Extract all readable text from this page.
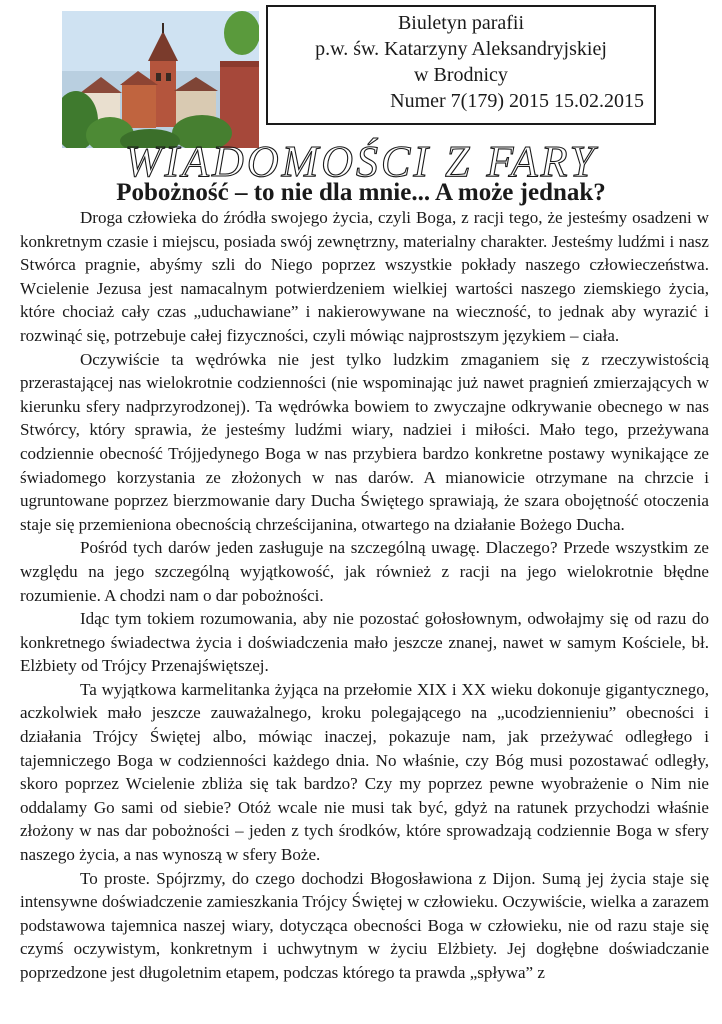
Biuletyn parafii
p.w. św. Katarzyny Aleksandryjskiej
w Brodnicy
Numer 7(179) 2015 15.02.2015
WIADOMOŚCI Z FARY
Pobożność – to nie dla mnie... A może jednak?

Droga człowieka do źródła swojego życia, czyli Boga, z racji tego, że jesteśmy osadzeni w konkretnym czasie i miejscu, posiada swój zewnętrzny, materialny charakter. Jesteśmy ludźmi i nasz Stwórca pragnie, abyśmy szli do Niego poprzez wszystkie pokłady naszego człowieczeństwa. Wcielenie Jezusa jest namacalnym potwierdzeniem wielkiej wartości naszego ziemskiego życia, które chociaż cały czas „uduchawiane” i nakierowywane na wieczność, to jednak aby wyrazić i rozwinąć się, potrzebuje całej fizyczności, czyli mówiąc najprostszym językiem – ciała.

Oczywiście ta wędrówka nie jest tylko ludzkim zmaganiem się z rzeczywistością przerastającej nas wielokrotnie codzienności (nie wspominając już nawet pragnień zmierzających w kierunku sfery nadprzyrodzonej). Ta wędrówka bowiem to zwyczajne odkrywanie obecnego w nas Stwórcy, który sprawia, że jesteśmy ludźmi wiary, nadziei i miłości. Mało tego, przeżywana codziennie obecność Trójjedynego Boga w nas przybiera bardzo konkretne postawy wynikające ze świadomego korzystania ze złożonych w nas darów. A mianowicie otrzymane na chrzcie i ugruntowane poprzez bierzmowanie dary Ducha Świętego sprawiają, że szara obojętność otoczenia staje się przemieniona obecnością chrześcijanina, otwartego na działanie Bożego Ducha.

Pośród tych darów jeden zasługuje na szczególną uwagę. Dlaczego? Przede wszystkim ze względu na jego szczególną wyjątkowość, jak również z racji na jego wielokrotnie błędne rozumienie. A chodzi nam o dar pobożności.

Idąc tym tokiem rozumowania, aby nie pozostać gołosłownym, odwołajmy się od razu do konkretnego świadectwa życia i doświadczenia mało jeszcze znanej, nawet w samym Kościele, bł. Elżbiety od Trójcy Przenajświętszej.

Ta wyjątkowa karmelitanka żyjąca na przełomie XIX i XX wieku dokonuje gigantycznego, aczkolwiek mało jeszcze zauważalnego, kroku polegającego na „ucodziennieniu” obecności i działania Trójcy Świętej albo, mówiąc inaczej, pokazuje nam, jak przeżywać odległego i tajemniczego Boga w codzienności każdego dnia. No właśnie, czy Bóg musi pozostawać odległy, skoro poprzez Wcielenie zbliża się tak bardzo? Czy my poprzez pewne wyobrażenie o Nim nie oddalamy Go sami od siebie? Otóż wcale nie musi tak być, gdyż na ratunek przychodzi właśnie złożony w nas dar pobożności – jeden z tych środków, które sprowadzają codziennie Boga w sfery naszego życia, a nas wynoszą w sfery Boże.

To proste. Spójrzmy, do czego dochodzi Błogosławiona z Dijon. Sumą jej życia staje się intensywne doświadczenie zamieszkania Trójcy Świętej w człowieku. Oczywiście, wielka a zarazem podstawowa tajemnica naszej wiary, dotycząca obecności Boga w człowieku, nie od razu staje się czymś oczywistym, konkretnym i uchwytnym w życiu Elżbiety. Jej dogłębne doświadczanie poprzedzone jest długoletnim etapem, podczas którego ta prawda „spływa” z
